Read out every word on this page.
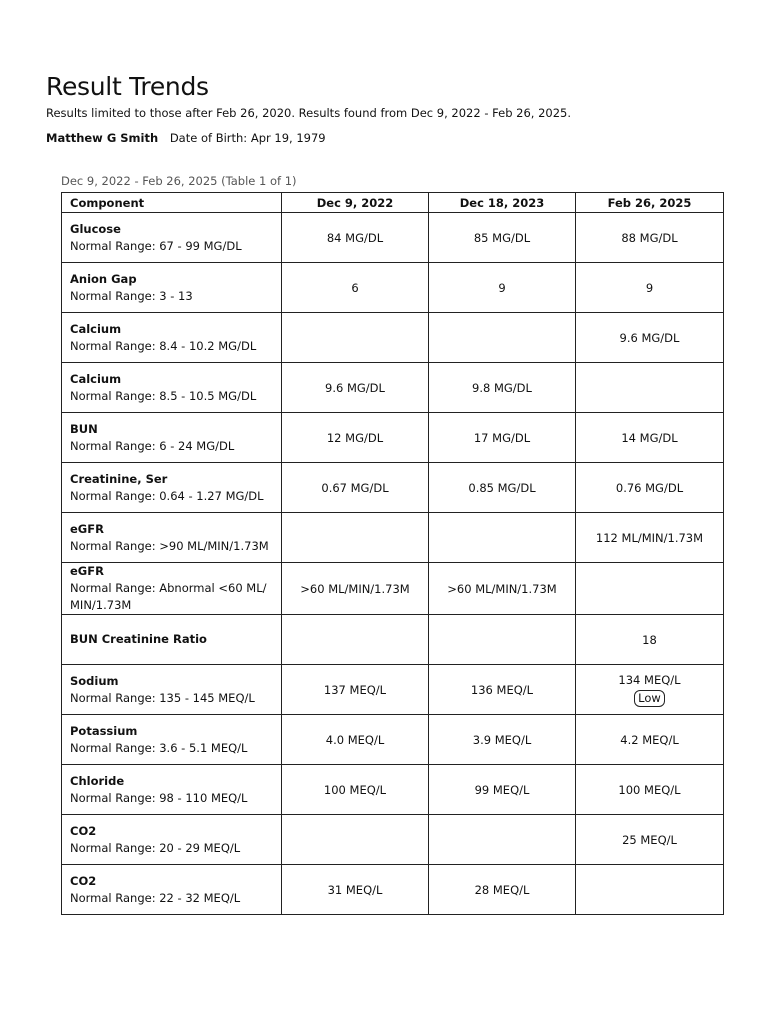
Result Trends
Results limited to those after Feb 26, 2020. Results found from Dec 9, 2022 - Feb 26, 2025.
Matthew G Smith Date of Birth: Apr 19, 1979
Dec 9, 2022 - Feb 26, 2025 (Table 1 of 1)
Component	Dec 9, 2022	Dec 18, 2023	Feb 26, 2025

Glucose
Normal Range: 67 - 99 MG/DL	84 MG/DL	85 MG/DL	88 MG/DL

Anion Gap
Normal Range: 3 - 13	6	9	9

Calcium
Normal Range: 8.4 - 10.2 MG/DL			9.6 MG/DL

Calcium
Normal Range: 8.5 - 10.5 MG/DL	9.6 MG/DL	9.8 MG/DL	

BUN
Normal Range: 6 - 24 MG/DL	12 MG/DL	17 MG/DL	14 MG/DL

Creatinine, Ser
Normal Range: 0.64 - 1.27 MG/DL	0.67 MG/DL	0.85 MG/DL	0.76 MG/DL

eGFR
Normal Range: >90 ML/MIN/1.73M			112 ML/MIN/1.73M

eGFR
Normal Range: Abnormal <60 ML/ MIN/1.73M	>60 ML/MIN/1.73M	>60 ML/MIN/1.73M	

BUN Creatinine Ratio			18

Sodium
Normal Range: 135 - 145 MEQ/L	137 MEQ/L	136 MEQ/L	134 MEQ/L
Low

Potassium
Normal Range: 3.6 - 5.1 MEQ/L	4.0 MEQ/L	3.9 MEQ/L	4.2 MEQ/L

Chloride
Normal Range: 98 - 110 MEQ/L	100 MEQ/L	99 MEQ/L	100 MEQ/L

CO2
Normal Range: 20 - 29 MEQ/L			25 MEQ/L

CO2
Normal Range: 22 - 32 MEQ/L	31 MEQ/L	28 MEQ/L	
